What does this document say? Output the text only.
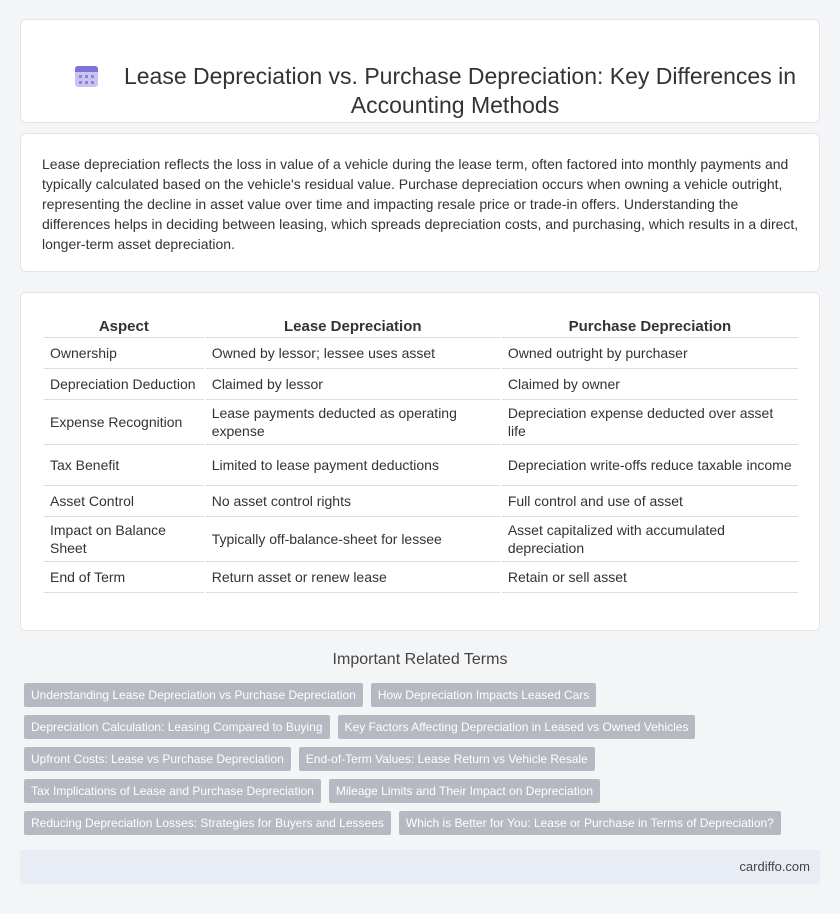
Lease Depreciation vs. Purchase Depreciation: Key Differences in Accounting Methods

Lease depreciation reflects the loss in value of a vehicle during the lease term, often factored into monthly payments and typically calculated based on the vehicle's residual value. Purchase depreciation occurs when owning a vehicle outright, representing the decline in asset value over time and impacting resale price or trade-in offers. Understanding the differences helps in deciding between leasing, which spreads depreciation costs, and purchasing, which results in a direct, longer-term asset depreciation.

Aspect	Lease Depreciation	Purchase Depreciation
Ownership	Owned by lessor; lessee uses asset	Owned outright by purchaser
Depreciation Deduction	Claimed by lessor	Claimed by owner
Expense Recognition	Lease payments deducted as operating expense	Depreciation expense deducted over asset life
Tax Benefit	Limited to lease payment deductions	Depreciation write-offs reduce taxable income
Asset Control	No asset control rights	Full control and use of asset
Impact on Balance Sheet	Typically off-balance-sheet for lessee	Asset capitalized with accumulated depreciation
End of Term	Return asset or renew lease	Retain or sell asset
Important Related Terms
Understanding Lease Depreciation vs Purchase Depreciation	How Depreciation Impacts Leased Cars
Depreciation Calculation: Leasing Compared to Buying	Key Factors Affecting Depreciation in Leased vs Owned Vehicles
Upfront Costs: Lease vs Purchase Depreciation	End-of-Term Values: Lease Return vs Vehicle Resale
Tax Implications of Lease and Purchase Depreciation	Mileage Limits and Their Impact on Depreciation
Reducing Depreciation Losses: Strategies for Buyers and Lessees	Which is Better for You: Lease or Purchase in Terms of Depreciation?
cardiffo.com
